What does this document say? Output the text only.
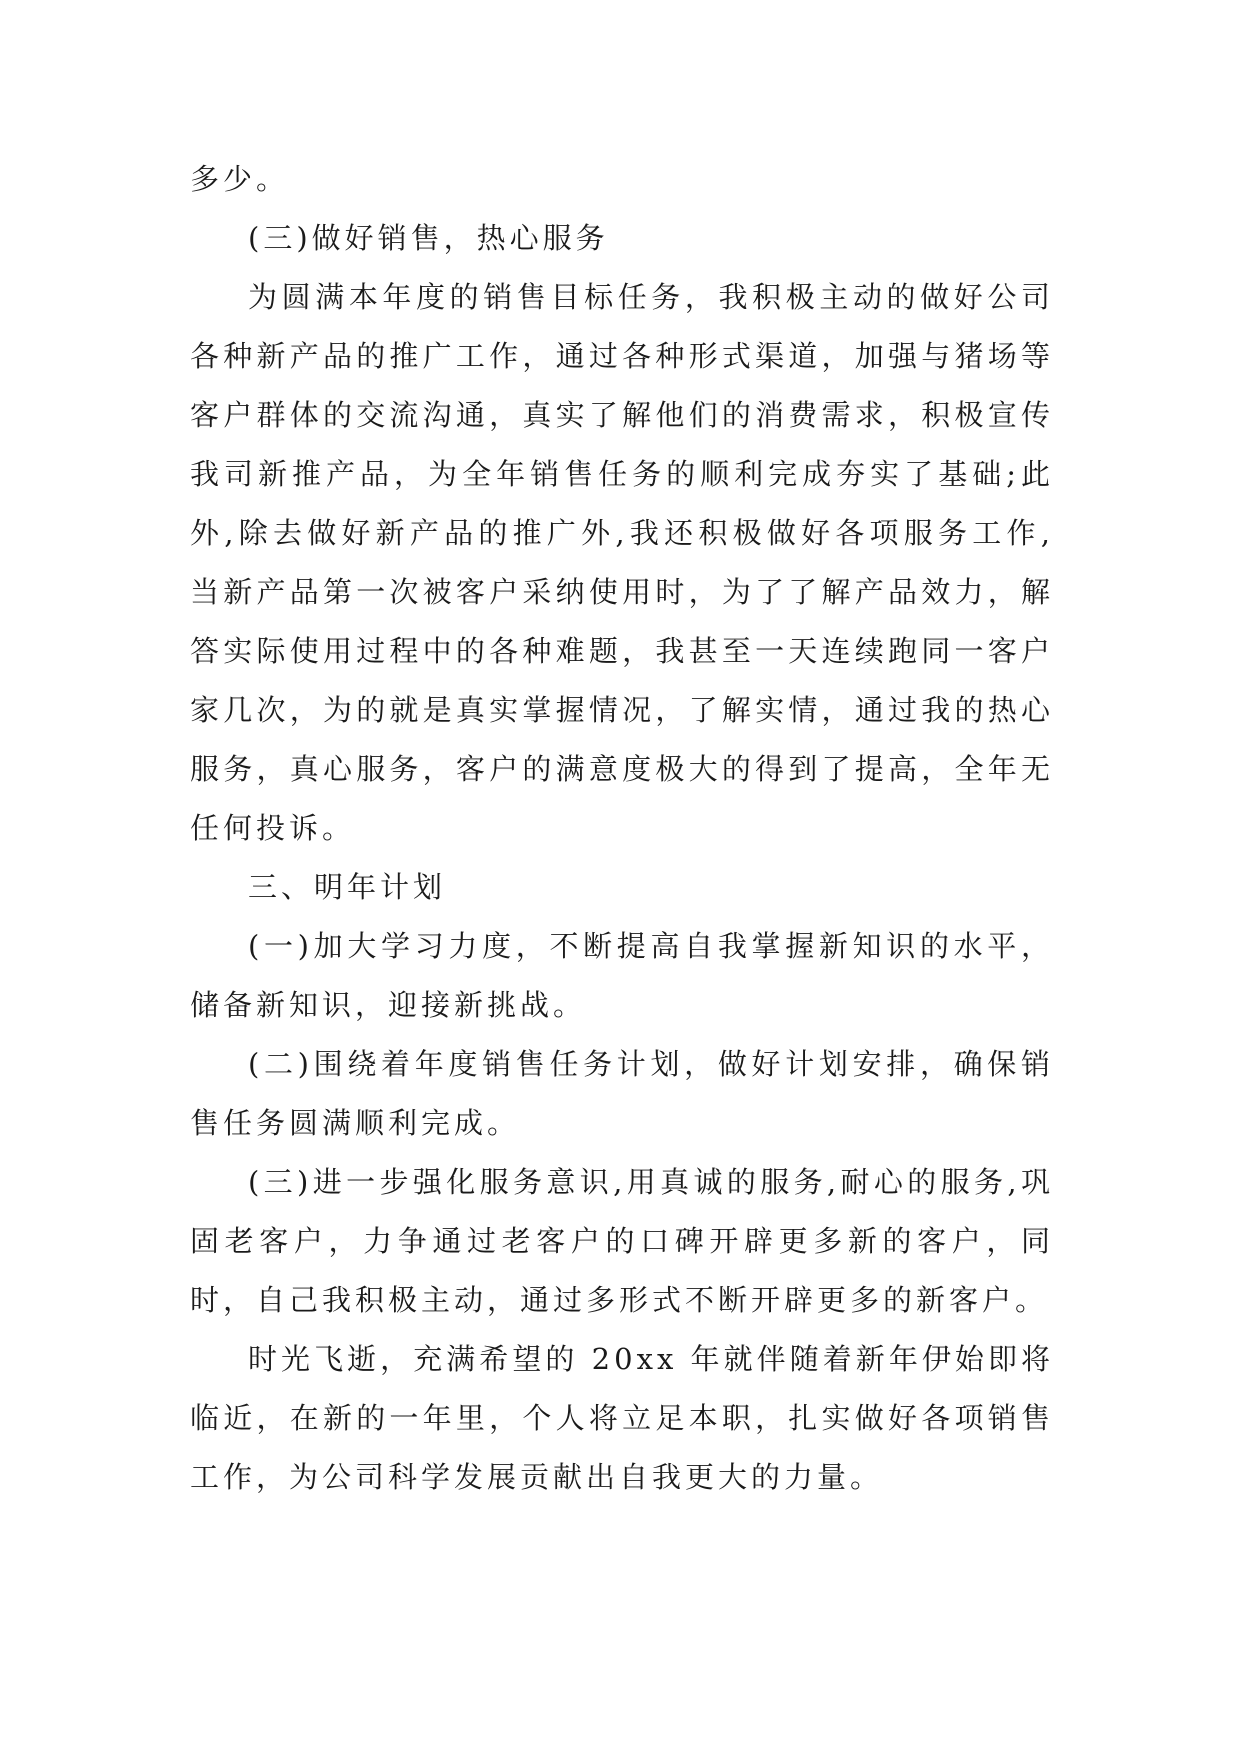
多少。

(三)做好销售，热心服务

为圆满本年度的销售目标任务，我积极主动的做好公司各种新产品的推广工作，通过各种形式渠道，加强与猪场等客户群体的交流沟通，真实了解他们的消费需求，积极宣传我司新推产品，为全年销售任务的顺利完成夯实了基础;此外,除去做好新产品的推广外,我还积极做好各项服务工作,当新产品第一次被客户采纳使用时，为了了解产品效力，解答实际使用过程中的各种难题，我甚至一天连续跑同一客户家几次，为的就是真实掌握情况，了解实情，通过我的热心服务，真心服务，客户的满意度极大的得到了提高，全年无任何投诉。

三、明年计划

(一)加大学习力度，不断提高自我掌握新知识的水平，储备新知识，迎接新挑战。

(二)围绕着年度销售任务计划，做好计划安排，确保销售任务圆满顺利完成。

(三)进一步强化服务意识,用真诚的服务,耐心的服务,巩固老客户，力争通过老客户的口碑开辟更多新的客户，同时，自己我积极主动，通过多形式不断开辟更多的新客户。

时光飞逝，充满希望的 20xx 年就伴随着新年伊始即将临近，在新的一年里，个人将立足本职，扎实做好各项销售工作，为公司科学发展贡献出自我更大的力量。
